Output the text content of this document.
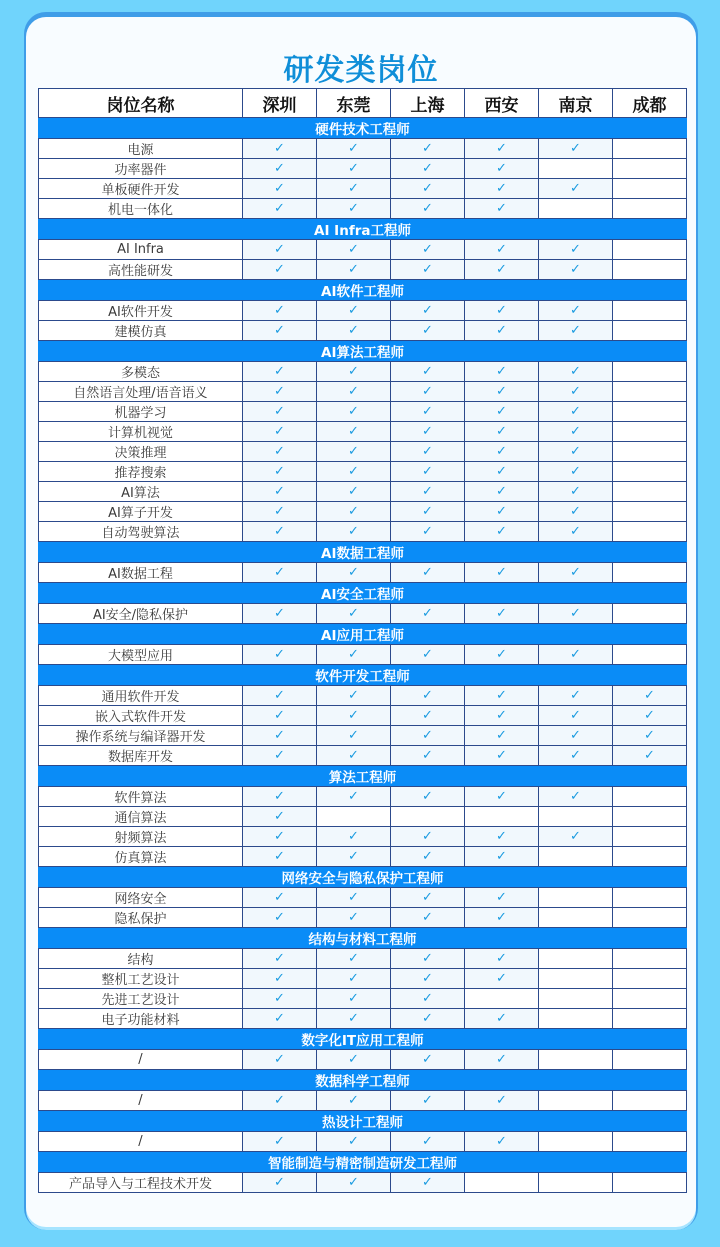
研发类岗位
岗位名称	深圳	东莞	上海	西安	南京	成都
硬件技术工程师						
电源	✓	✓	✓	✓	✓	
功率器件	✓	✓	✓	✓		
单板硬件开发	✓	✓	✓	✓	✓	
机电一体化	✓	✓	✓	✓		
AI Infra工程师						
AI Infra	✓	✓	✓	✓	✓	
高性能研发	✓	✓	✓	✓	✓	
AI软件工程师						
AI软件开发	✓	✓	✓	✓	✓	
建模仿真	✓	✓	✓	✓	✓	
AI算法工程师						
多模态	✓	✓	✓	✓	✓	
自然语言处理/语音语义	✓	✓	✓	✓	✓	
机器学习	✓	✓	✓	✓	✓	
计算机视觉	✓	✓	✓	✓	✓	
决策推理	✓	✓	✓	✓	✓	
推荐搜索	✓	✓	✓	✓	✓	
AI算法	✓	✓	✓	✓	✓	
AI算子开发	✓	✓	✓	✓	✓	
自动驾驶算法	✓	✓	✓	✓	✓	
AI数据工程师						
AI数据工程	✓	✓	✓	✓	✓	
AI安全工程师						
AI安全/隐私保护	✓	✓	✓	✓	✓	
AI应用工程师						
大模型应用	✓	✓	✓	✓	✓	
软件开发工程师						
通用软件开发	✓	✓	✓	✓	✓	✓
嵌入式软件开发	✓	✓	✓	✓	✓	✓
操作系统与编译器开发	✓	✓	✓	✓	✓	✓
数据库开发	✓	✓	✓	✓	✓	✓
算法工程师						
软件算法	✓	✓	✓	✓	✓	
通信算法	✓					
射频算法	✓	✓	✓	✓	✓	
仿真算法	✓	✓	✓	✓		
网络安全与隐私保护工程师						
网络安全	✓	✓	✓	✓		
隐私保护	✓	✓	✓	✓		
结构与材料工程师						
结构	✓	✓	✓	✓		
整机工艺设计	✓	✓	✓	✓		
先进工艺设计	✓	✓	✓			
电子功能材料	✓	✓	✓	✓		
数字化IT应用工程师						
/	✓	✓	✓	✓		
数据科学工程师						
/	✓	✓	✓	✓		
热设计工程师						
/	✓	✓	✓	✓		
智能制造与精密制造研发工程师						
产品导入与工程技术开发	✓	✓	✓			
